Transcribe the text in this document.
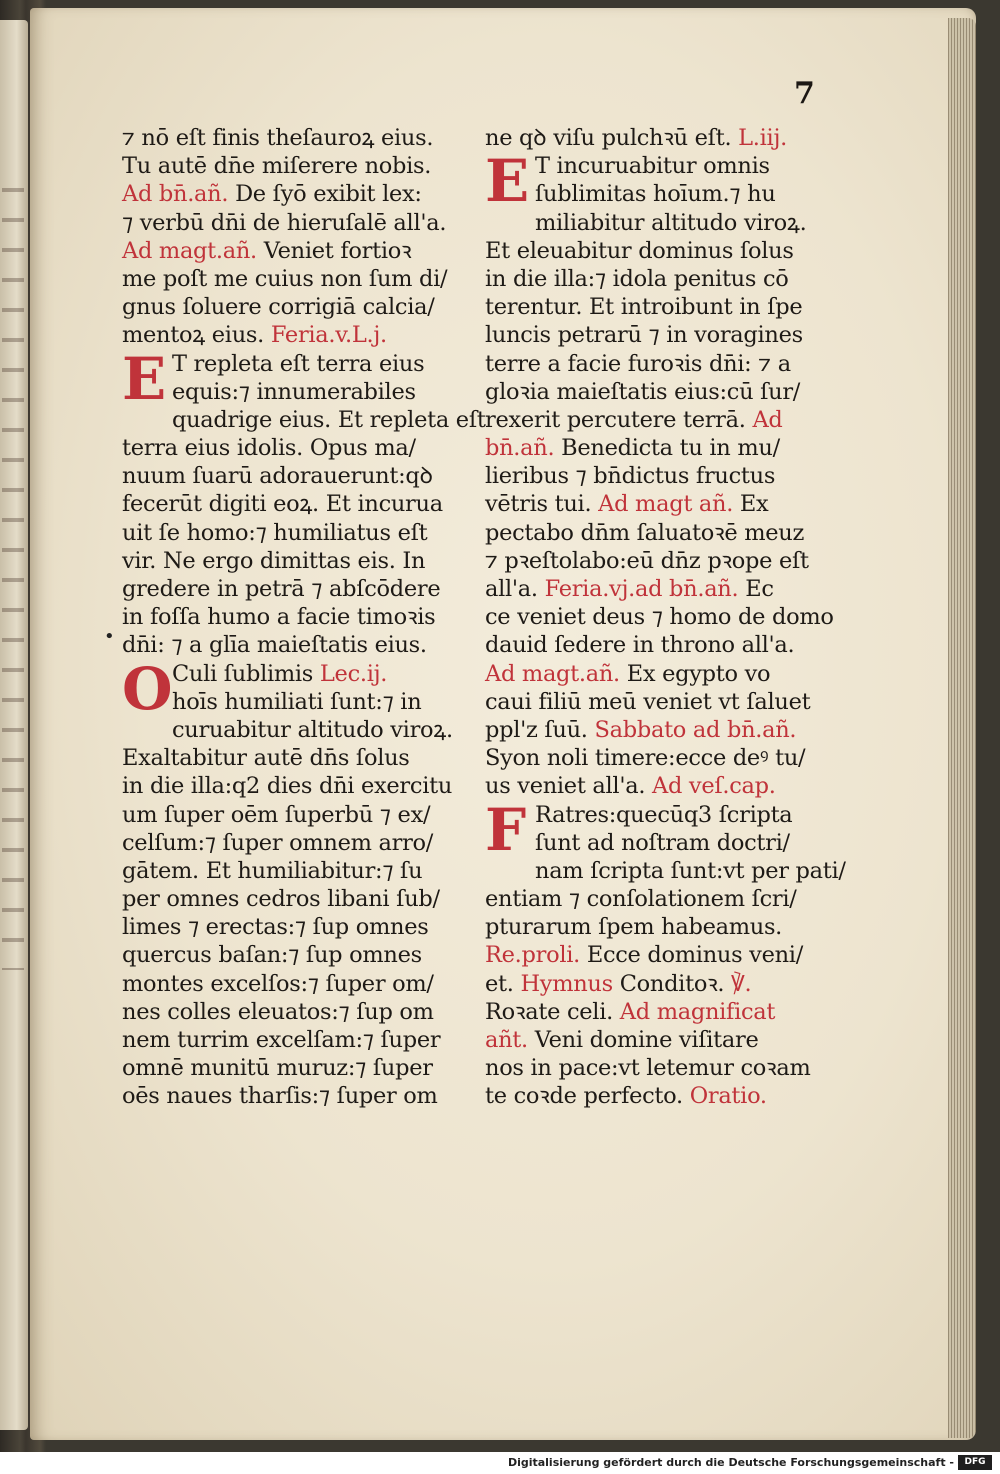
7
•
⁊ nō eſt finis theſauroꝝ eius.
Tu autē dn̄e miſerere nobis.
Ad bn̄.añ. De ſyō exibit lex:
⁊ verbū dn̄i de hieruſalē all'a.
Ad magt.añ. Veniet fortioꝛ
me poſt me cuius non ſum di/
gnus ſoluere corrigiā calcia/
mentoꝝ eius. Feria.v.L.j.
E T repleta eſt terra eius
equis:⁊ innumerabiles
quadrige eius. Et repleta eſt
terra eius idolis. Opus ma/
nuum ſuarū adorauerunt:qꝺ
fecerūt digiti eoꝝ. Et incurua
uit ſe homo:⁊ humiliatus eſt
vir. Ne ergo dimittas eis. In
gredere in petrā ⁊ abſcōdere
in foſſa humo a facie timoꝛis
dn̄i: ⁊ a glīa maieſtatis eius.
O Culi ſublimis Lec.ij.
hoīs humiliati ſunt:⁊ in
curuabitur altitudo viroꝝ.
Exaltabitur autē dn̄s ſolus
in die illa:q2 dies dn̄i exercitu
um ſuper oēm ſuperbū ⁊ ex/
celſum:⁊ ſuper omnem arro/
gātem. Et humiliabitur:⁊ ſu
per omnes cedros libani ſub/
limes ⁊ erectas:⁊ ſup omnes
quercus baſan:⁊ ſup omnes
montes excelſos:⁊ ſuper om/
nes colles eleuatos:⁊ ſup om
nem turrim excelſam:⁊ ſuper
omnē munitū muruz:⁊ ſuper
oēs naues tharſis:⁊ ſuper om
ne qꝺ viſu pulchꝛū eſt. L.iij.
E T incuruabitur omnis
ſublimitas hoīum.⁊ hu
miliabitur altitudo viroꝝ.
Et eleuabitur dominus ſolus
in die illa:⁊ idola penitus cō
terentur. Et introibunt in ſpe
luncis petrarū ⁊ in voragines
terre a facie furoꝛis dn̄i: ⁊ a
gloꝛia maieſtatis eius:cū ſur/
rexerit percutere terrā. Ad
bn̄.añ. Benedicta tu in mu/
lieribus ⁊ bn̄dictus fructus
vētris tui. Ad magt añ. Ex
pectabo dn̄m ſaluatoꝛē meuz
⁊ pꝛeſtolabo:eū dn̄z pꝛope eſt
all'a. Feria.vj.ad bn̄.añ. Ec
ce veniet deus ⁊ homo de domo
dauid ſedere in throno all'a.
Ad magt.añ. Ex egypto vo
caui filiū meū veniet vt ſaluet
ppl'z ſuū. Sabbato ad bn̄.añ.
Syon noli timere:ecce deꝰ tu/
us veniet all'a. Ad veſ.cap.
F Ratres:quecūq3 ſcripta
ſunt ad noſtram doctri/
nam ſcripta ſunt:vt per pati/
entiam ⁊ conſolationem ſcri/
pturarum ſpem habeamus.
Re.proli. Ecce dominus veni/
et. Hymnus Conditoꝛ. ℣.
Roꝛate celi. Ad magnificat
añt. Veni domine viſitare
nos in pace:vt letemur coꝛam
te coꝛde perfecto. Oratio.
Digitalisierung gefördert durch die Deutsche Forschungsgemeinschaft -	DFG
